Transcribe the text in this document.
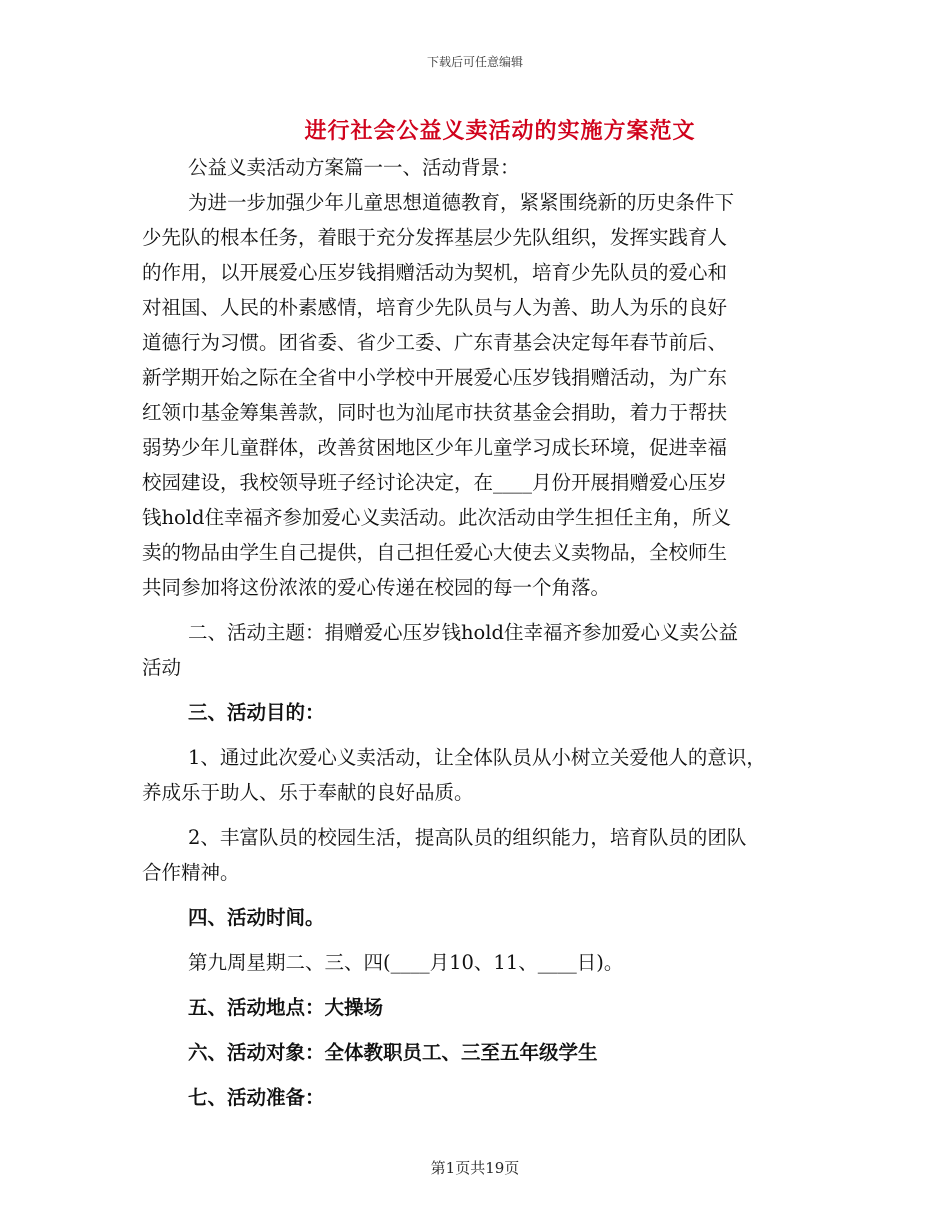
下载后可任意编辑
进行社会公益义卖活动的实施方案范文
公益义卖活动方案篇一一、活动背景：
为进一步加强少年儿童思想道德教育，紧紧围绕新的历史条件下
少先队的根本任务，着眼于充分发挥基层少先队组织，发挥实践育人
的作用，以开展爱心压岁钱捐赠活动为契机，培育少先队员的爱心和
对祖国、人民的朴素感情，培育少先队员与人为善、助人为乐的良好
道德行为习惯。团省委、省少工委、广东青基会决定每年春节前后、
新学期开始之际在全省中小学校中开展爱心压岁钱捐赠活动，为广东
红领巾基金筹集善款，同时也为汕尾市扶贫基金会捐助，着力于帮扶
弱势少年儿童群体，改善贫困地区少年儿童学习成长环境，促进幸福
校园建设，我校领导班子经讨论决定，在____月份开展捐赠爱心压岁
钱hold住幸福齐参加爱心义卖活动。此次活动由学生担任主角，所义
卖的物品由学生自己提供，自己担任爱心大使去义卖物品，全校师生
共同参加将这份浓浓的爱心传递在校园的每一个角落。
二、活动主题：捐赠爱心压岁钱hold住幸福齐参加爱心义卖公益
活动
三、活动目的：
1、通过此次爱心义卖活动，让全体队员从小树立关爱他人的意识，
养成乐于助人、乐于奉献的良好品质。
2、丰富队员的校园生活，提高队员的组织能力，培育队员的团队
合作精神。
四、活动时间。
第九周星期二、三、四(____月10、11、____日)。
五、活动地点：大操场
六、活动对象：全体教职员工、三至五年级学生
七、活动准备：
第1页共19页
